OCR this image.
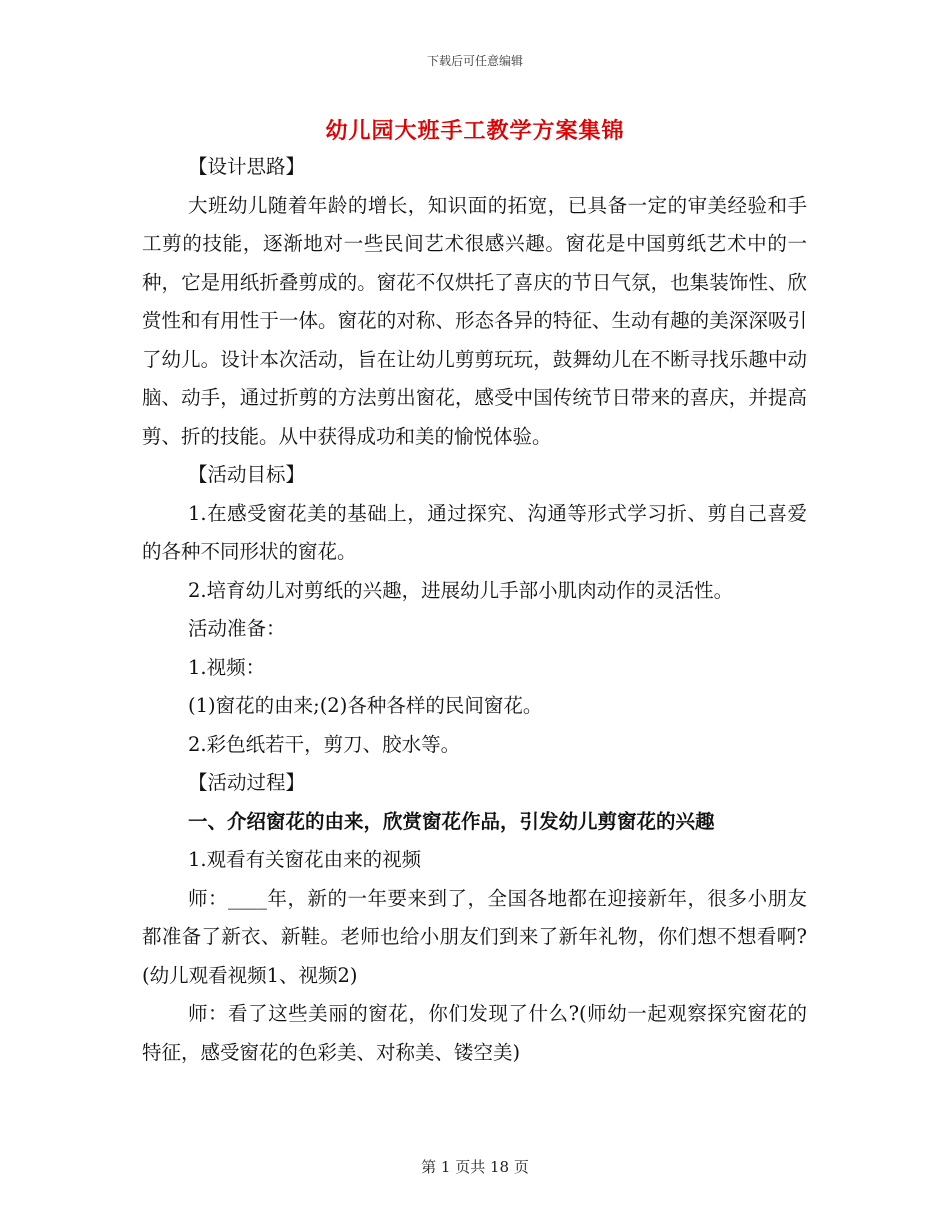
下载后可任意编辑
幼儿园大班手工教学方案集锦

【设计思路】

大班幼儿随着年龄的增长，知识面的拓宽，已具备一定的审美经验和手工剪的技能，逐渐地对一些民间艺术很感兴趣。窗花是中国剪纸艺术中的一种，它是用纸折叠剪成的。窗花不仅烘托了喜庆的节日气氛，也集装饰性、欣赏性和有用性于一体。窗花的对称、形态各异的特征、生动有趣的美深深吸引了幼儿。设计本次活动，旨在让幼儿剪剪玩玩，鼓舞幼儿在不断寻找乐趣中动脑、动手，通过折剪的方法剪出窗花，感受中国传统节日带来的喜庆，并提高剪、折的技能。从中获得成功和美的愉悦体验。

【活动目标】

1.在感受窗花美的基础上，通过探究、沟通等形式学习折、剪自己喜爱的各种不同形状的窗花。

2.培育幼儿对剪纸的兴趣，进展幼儿手部小肌肉动作的灵活性。

活动准备：

1.视频：

(1)窗花的由来;(2)各种各样的民间窗花。

2.彩色纸若干，剪刀、胶水等。

【活动过程】

一、介绍窗花的由来，欣赏窗花作品，引发幼儿剪窗花的兴趣

1.观看有关窗花由来的视频

师：____年，新的一年要来到了，全国各地都在迎接新年，很多小朋友都准备了新衣、新鞋。老师也给小朋友们到来了新年礼物，你们想不想看啊?(幼儿观看视频1、视频2)

师：看了这些美丽的窗花，你们发现了什么?(师幼一起观察探究窗花的特征，感受窗花的色彩美、对称美、镂空美)

第 1 页共 18 页
